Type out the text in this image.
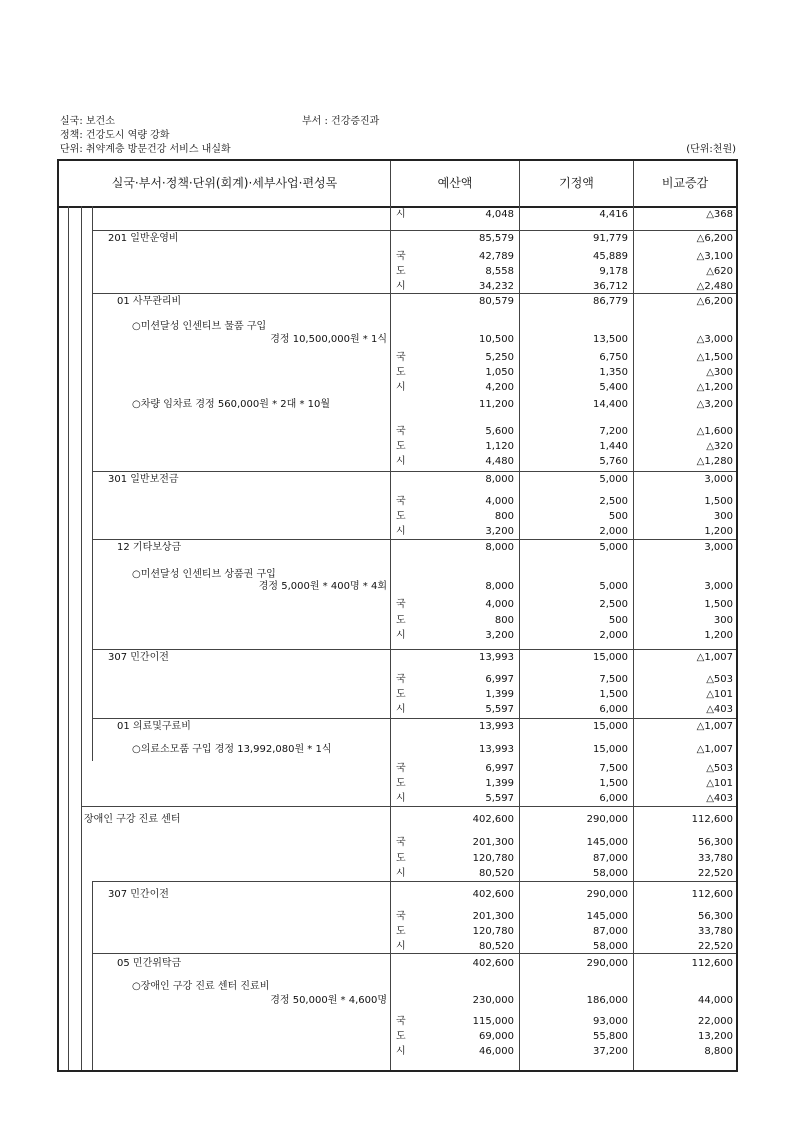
실국: 보건소	부서 : 건강증진과
정책: 건강도시 역량 강화
단위: 취약계층 방문건강 서비스 내실화	(단위:천원)
실국·부서·정책·단위(회계)·세부사업·편성목	예산액	기정액	비교증감
시	4,048	4,416	△368
201 일반운영비	85,579	91,779	△6,200
국	42,789	45,889	△3,100
도	8,558	9,178	△620
시	34,232	36,712	△2,480
01 사무관리비	80,579	86,779	△6,200
○미션달성 인센티브 물품 구입
경정 10,500,000원 * 1식	10,500	13,500	△3,000
국	5,250	6,750	△1,500
도	1,050	1,350	△300
시	4,200	5,400	△1,200
○차량 임차료 경정 560,000원 * 2대 * 10월	11,200	14,400	△3,200
국	5,600	7,200	△1,600
도	1,120	1,440	△320
시	4,480	5,760	△1,280
301 일반보전금	8,000	5,000	3,000
국	4,000	2,500	1,500
도	800	500	300
시	3,200	2,000	1,200
12 기타보상금	8,000	5,000	3,000
○미션달성 인센티브 상품권 구입
경정 5,000원 * 400명 * 4회	8,000	5,000	3,000
국	4,000	2,500	1,500
도	800	500	300
시	3,200	2,000	1,200
307 민간이전	13,993	15,000	△1,007
국	6,997	7,500	△503
도	1,399	1,500	△101
시	5,597	6,000	△403
01 의료및구료비	13,993	15,000	△1,007
○의료소모품 구입 경정 13,992,080원 * 1식	13,993	15,000	△1,007
국	6,997	7,500	△503
도	1,399	1,500	△101
시	5,597	6,000	△403
장애인 구강 진료 센터	402,600	290,000	112,600
국	201,300	145,000	56,300
도	120,780	87,000	33,780
시	80,520	58,000	22,520
307 민간이전	402,600	290,000	112,600
국	201,300	145,000	56,300
도	120,780	87,000	33,780
시	80,520	58,000	22,520
05 민간위탁금	402,600	290,000	112,600
○장애인 구강 진료 센터 진료비
경정 50,000원 * 4,600명	230,000	186,000	44,000
국	115,000	93,000	22,000
도	69,000	55,800	13,200
시	46,000	37,200	8,800
